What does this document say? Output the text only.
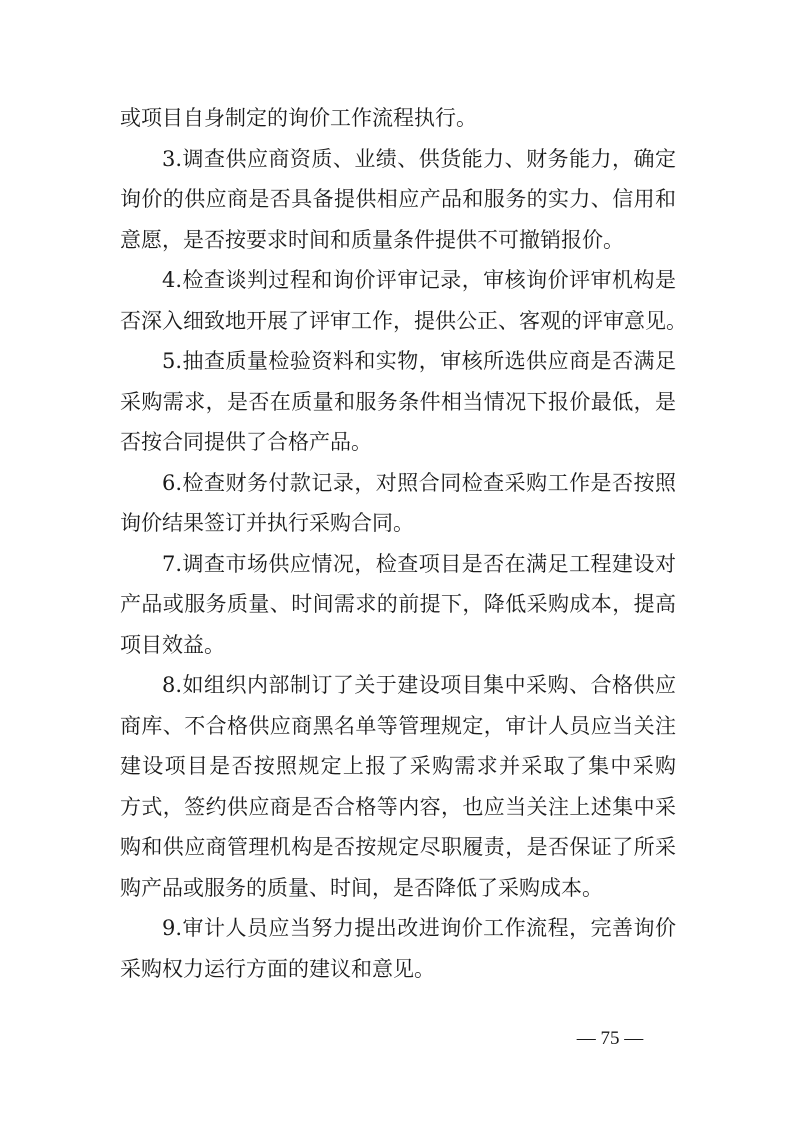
或项目自身制定的询价工作流程执行。
3.调查供应商资质、业绩、供货能力、财务能力，确定
询价的供应商是否具备提供相应产品和服务的实力、信用和
意愿，是否按要求时间和质量条件提供不可撤销报价。
4.检查谈判过程和询价评审记录，审核询价评审机构是
否深入细致地开展了评审工作，提供公正、客观的评审意见。
5.抽查质量检验资料和实物，审核所选供应商是否满足
采购需求，是否在质量和服务条件相当情况下报价最低，是
否按合同提供了合格产品。
6.检查财务付款记录，对照合同检查采购工作是否按照
询价结果签订并执行采购合同。
7.调查市场供应情况，检查项目是否在满足工程建设对
产品或服务质量、时间需求的前提下，降低采购成本，提高
项目效益。
8.如组织内部制订了关于建设项目集中采购、合格供应
商库、不合格供应商黑名单等管理规定，审计人员应当关注
建设项目是否按照规定上报了采购需求并采取了集中采购
方式，签约供应商是否合格等内容，也应当关注上述集中采
购和供应商管理机构是否按规定尽职履责，是否保证了所采
购产品或服务的质量、时间，是否降低了采购成本。
9.审计人员应当努力提出改进询价工作流程，完善询价
采购权力运行方面的建议和意见。
— 75 —
